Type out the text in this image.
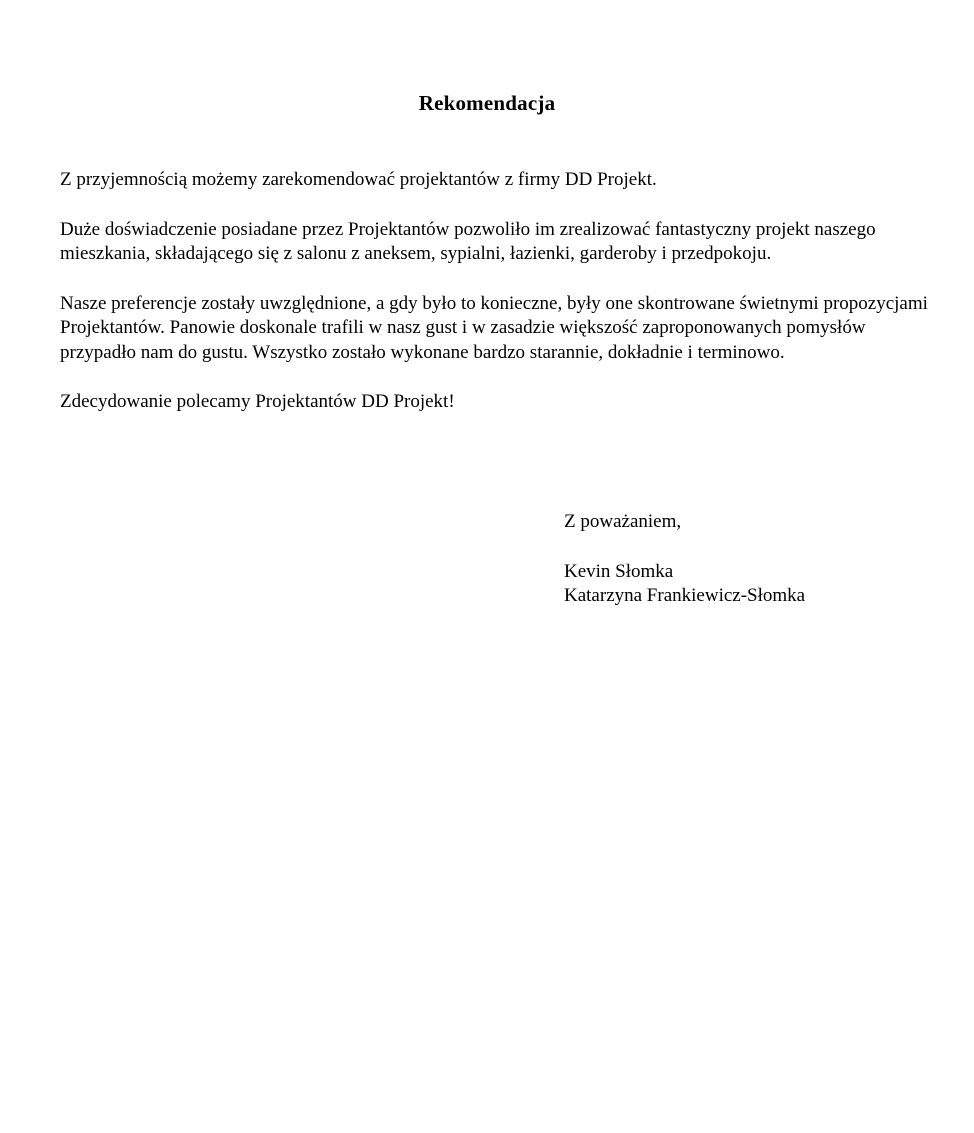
Rekomendacja

Z przyjemnością możemy zarekomendować projektantów z firmy DD Projekt.

Duże doświadczenie posiadane przez Projektantów pozwoliło im zrealizować fantastyczny projekt naszego mieszkania, składającego się z salonu z aneksem, sypialni, łazienki, garderoby i przedpokoju.

Nasze preferencje zostały uwzględnione, a gdy było to konieczne, były one skontrowane świetnymi propozycjami Projektantów. Panowie doskonale trafili w nasz gust i w zasadzie większość zaproponowanych pomysłów przypadło nam do gustu. Wszystko zostało wykonane bardzo starannie, dokładnie i terminowo.

Zdecydowanie polecamy Projektantów DD Projekt!

Z poważaniem,
Kevin Słomka
Katarzyna Frankiewicz-Słomka
